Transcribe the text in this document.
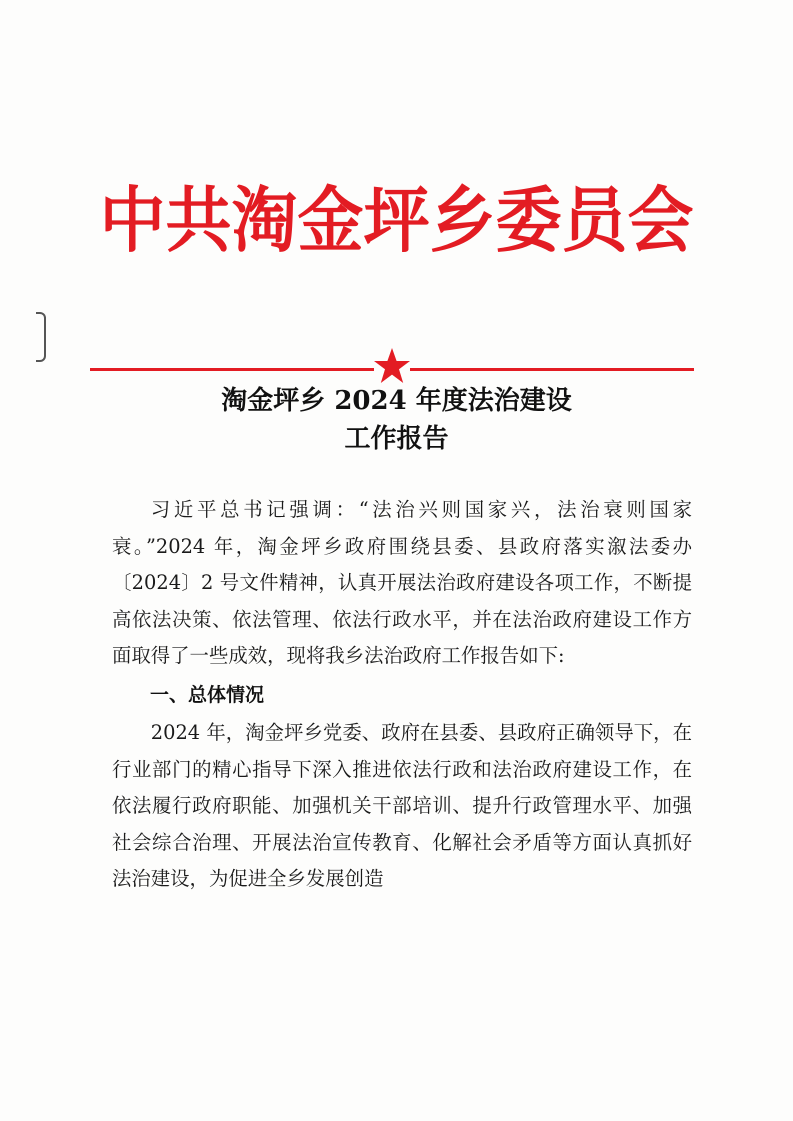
中共淘金坪乡委员会
淘金坪乡 2024 年度法治建设
工作报告

习近平总书记强调：“法治兴则国家兴，法治衰则国家衰。”2024 年，淘金坪乡政府围绕县委、县政府落实溆法委办〔2024〕2 号文件精神，认真开展法治政府建设各项工作，不断提高依法决策、依法管理、依法行政水平，并在法治政府建设工作方面取得了一些成效，现将我乡法治政府工作报告如下:

一、总体情况

2024 年，淘金坪乡党委、政府在县委、县政府正确领导下，在行业部门的精心指导下深入推进依法行政和法治政府建设工作，在依法履行政府职能、加强机关干部培训、提升行政管理水平、加强社会综合治理、开展法治宣传教育、化解社会矛盾等方面认真抓好法治建设，为促进全乡发展创造
